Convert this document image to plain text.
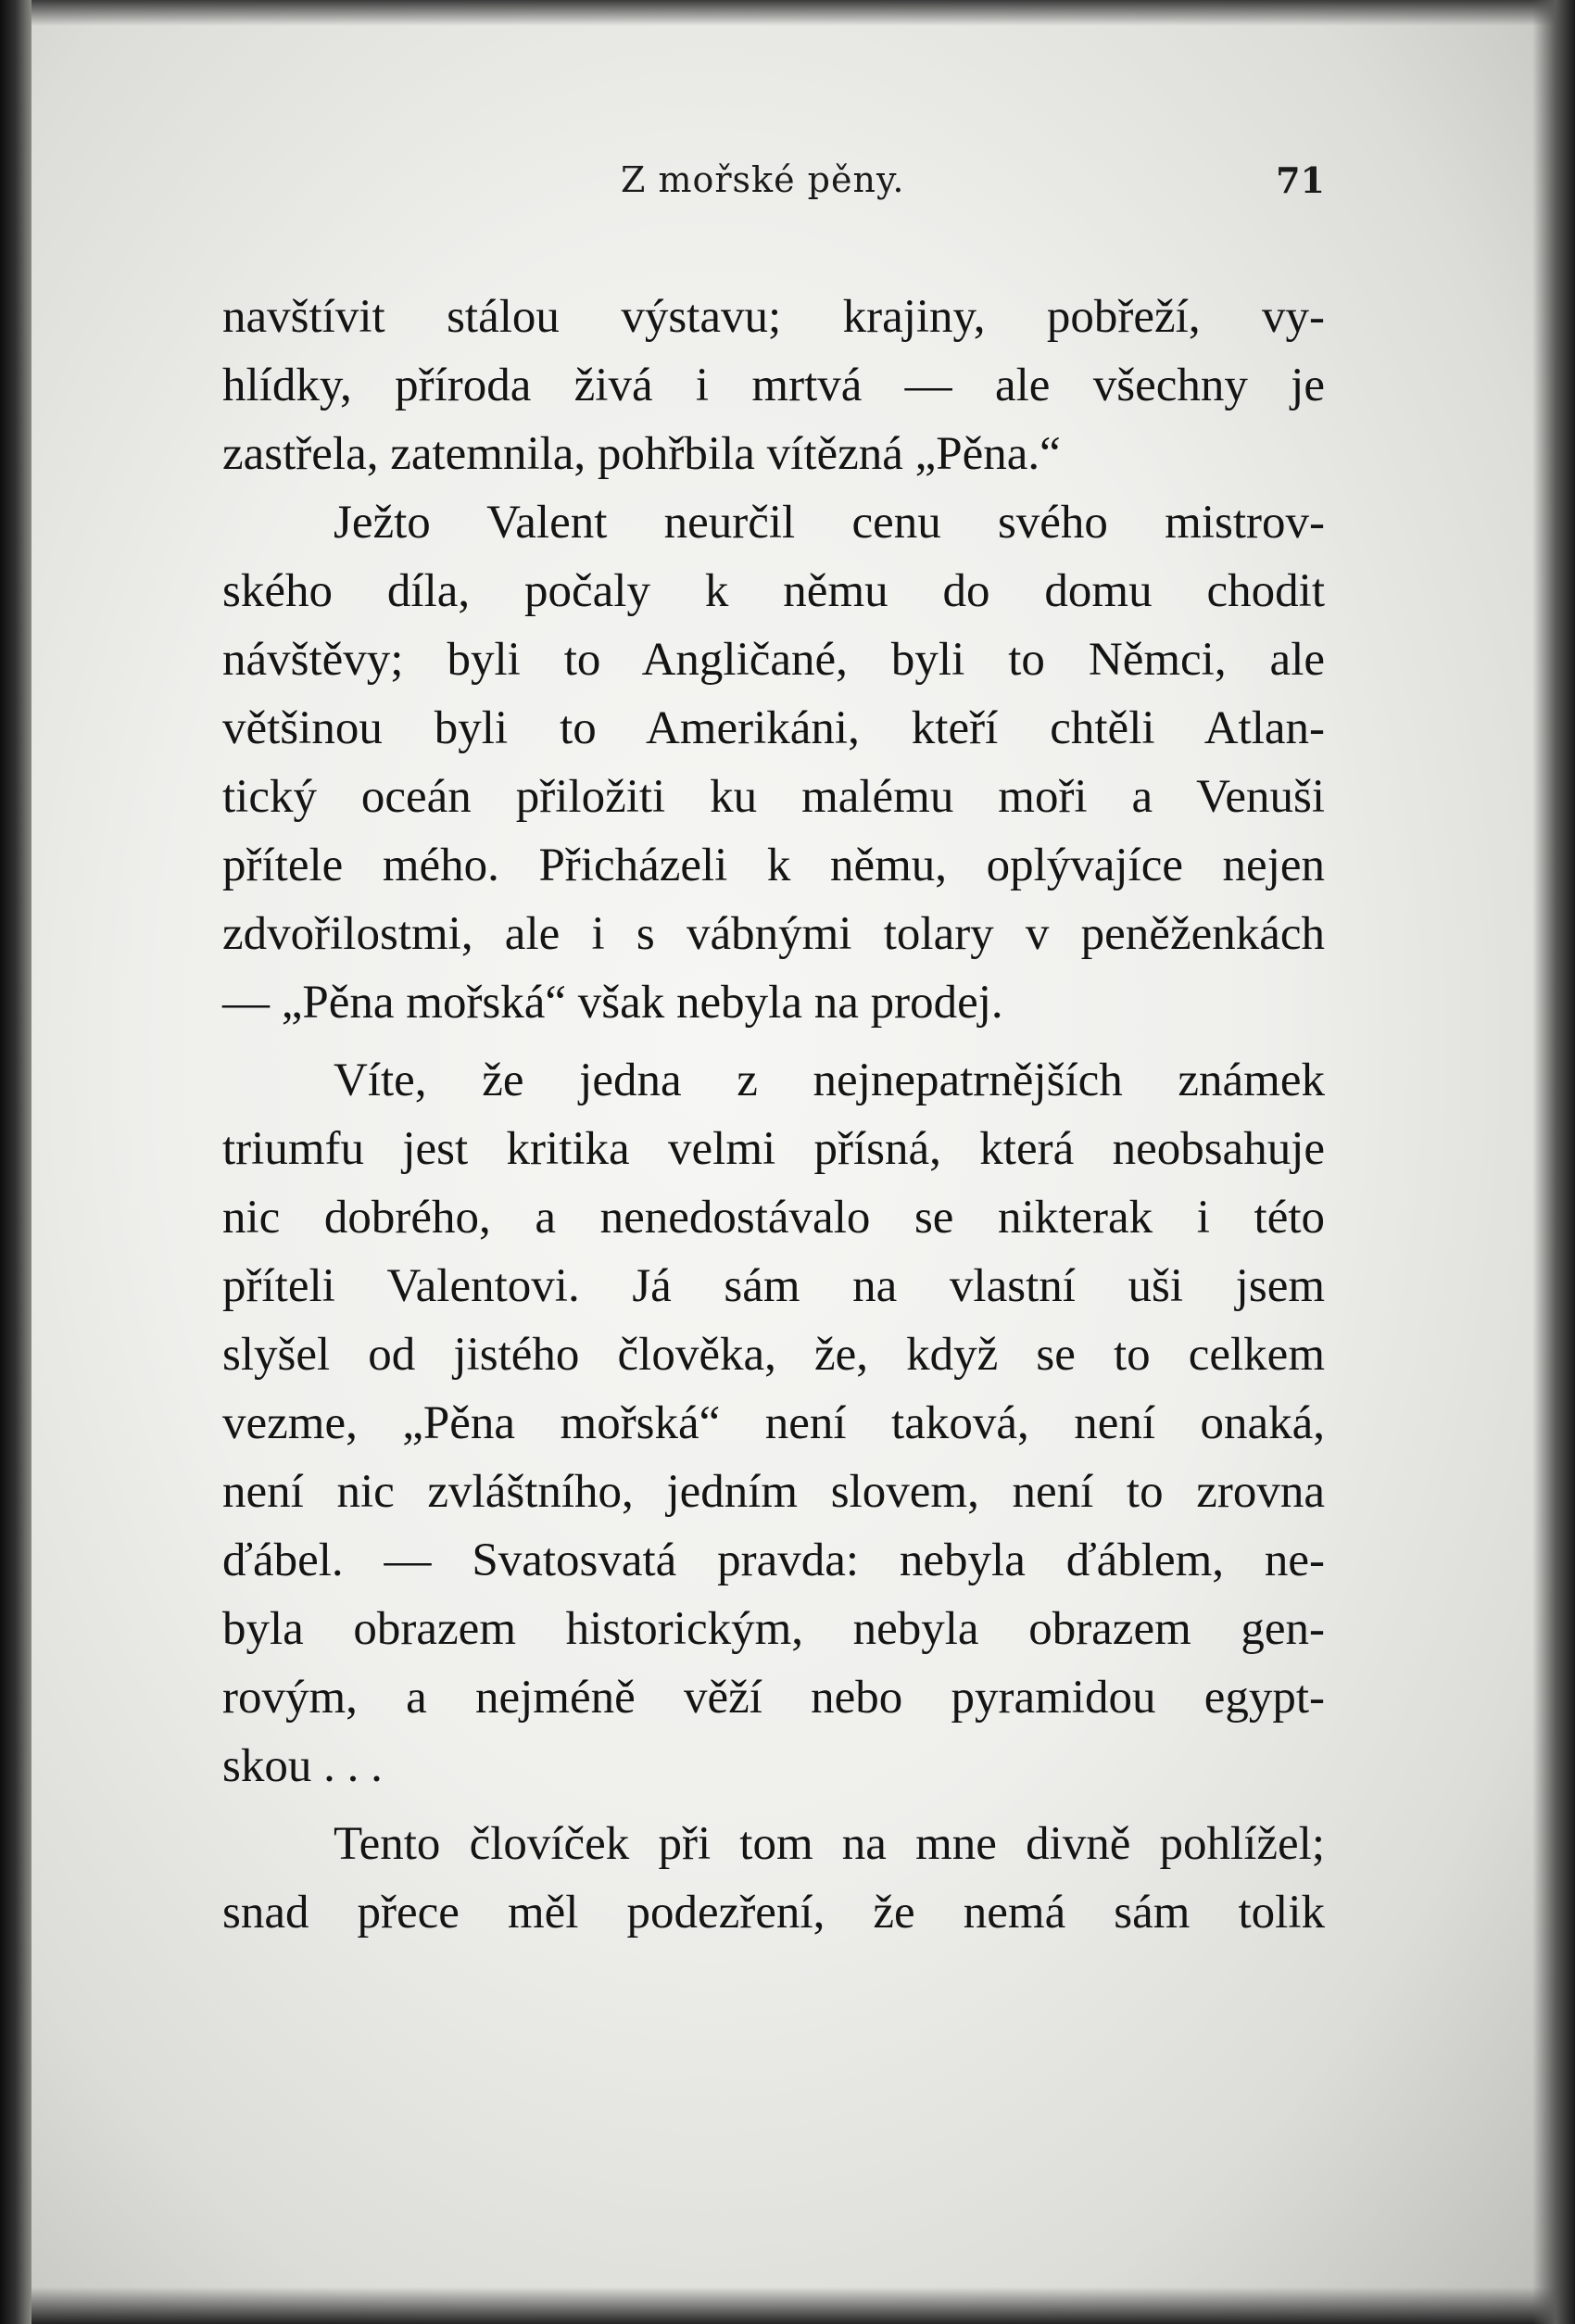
Z mořské pěny.	71

navštívit stálou výstavu; krajiny, pobřeží, vy-

hlídky, příroda živá i mrtvá — ale všechny je

zastřela, zatemnila, pohřbila vítězná „Pěna.“

Ježto Valent neurčil cenu svého mistrov-

ského díla, počaly k němu do domu chodit

návštěvy; byli to Angličané, byli to Němci, ale

většinou byli to Amerikáni, kteří chtěli Atlan-

tický oceán přiložiti ku malému moři a Venuši

přítele mého. Přicházeli k němu, oplývajíce nejen

zdvořilostmi, ale i s vábnými tolary v peněženkách

— „Pěna mořská“ však nebyla na prodej.

Víte, že jedna z nejnepatrnějších známek

triumfu jest kritika velmi přísná, která neobsahuje

nic dobrého, a nenedostávalo se nikterak i této

příteli Valentovi. Já sám na vlastní uši jsem

slyšel od jistého člověka, že, když se to celkem

vezme, „Pěna mořská“ není taková, není onaká,

není nic zvláštního, jedním slovem, není to zrovna

ďábel. — Svatosvatá pravda: nebyla ďáblem, ne-

byla obrazem historickým, nebyla obrazem gen-

rovým, a nejméně věží nebo pyramidou egypt-

skou . . .

Tento človíček při tom na mne divně pohlížel;

snad přece měl podezření, že nemá sám tolik
